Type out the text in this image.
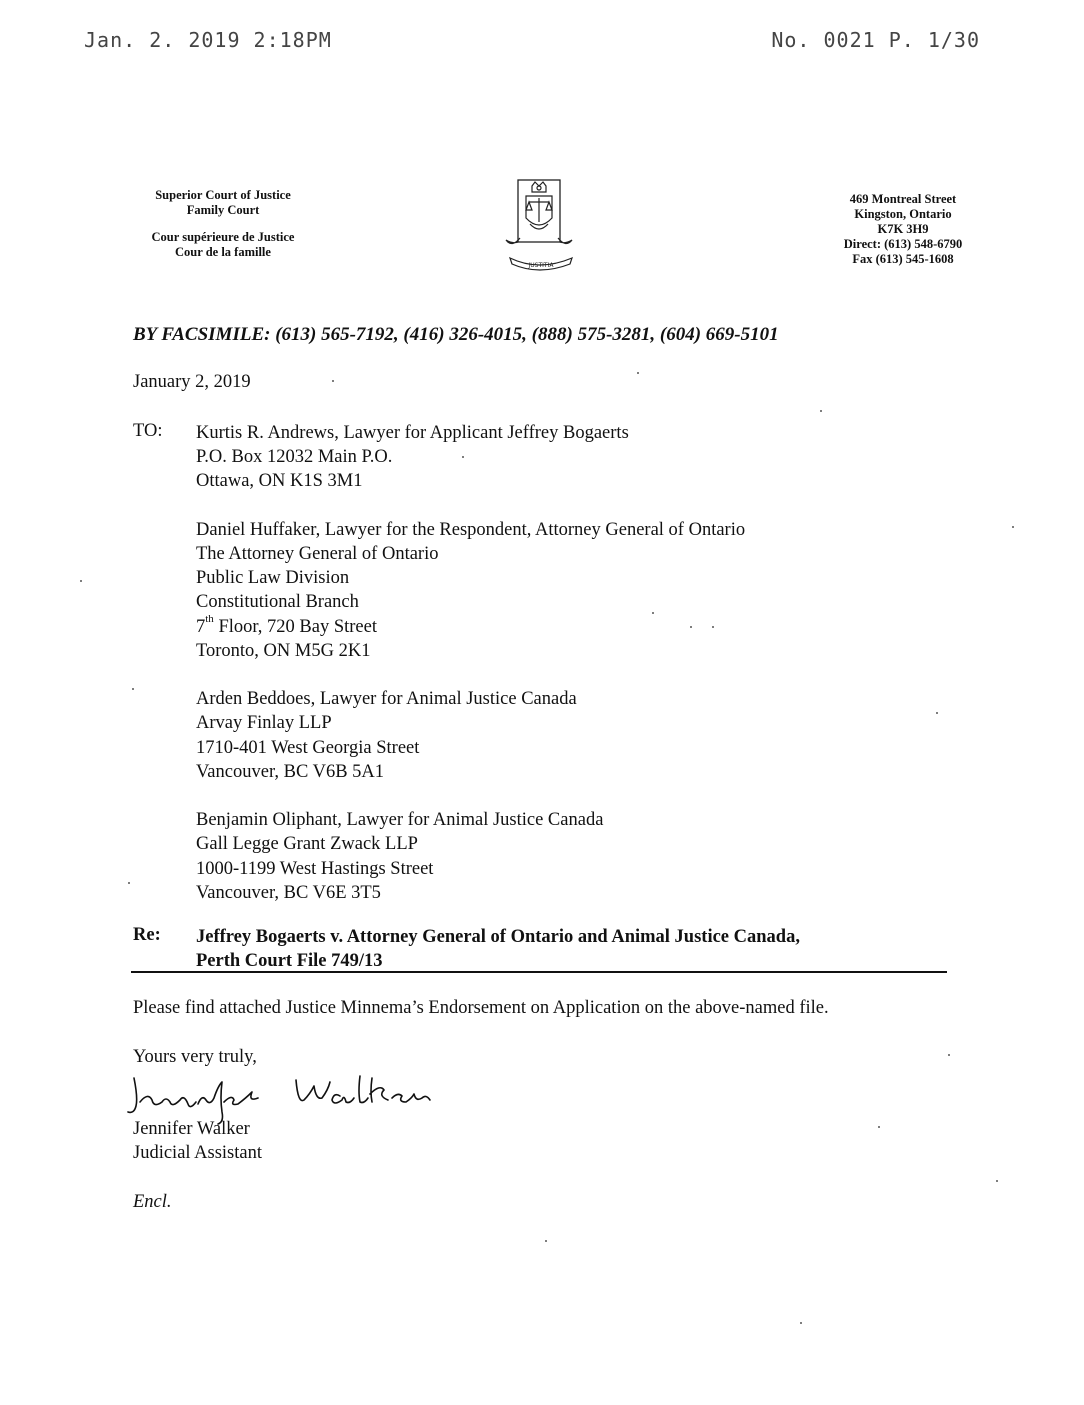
Jan. 2. 2019 2:18PM	No. 0021 P. 1/30
Superior Court of Justice
Family Court
Cour supérieure de Justice
Cour de la famille
JUSTITIA
469 Montreal Street
Kingston, Ontario
K7K 3H9
Direct: (613) 548-6790
Fax (613) 545-1608
BY FACSIMILE: (613) 565-7192, (416) 326-4015, (888) 575-3281, (604) 669-5101
January 2, 2019
TO: Kurtis R. Andrews, Lawyer for Applicant Jeffrey Bogaerts
P.O. Box 12032 Main P.O.
Ottawa, ON K1S 3M1
Daniel Huffaker, Lawyer for the Respondent, Attorney General of Ontario
The Attorney General of Ontario
Public Law Division
Constitutional Branch
7th Floor, 720 Bay Street
Toronto, ON M5G 2K1
Arden Beddoes, Lawyer for Animal Justice Canada
Arvay Finlay LLP
1710-401 West Georgia Street
Vancouver, BC V6B 5A1
Benjamin Oliphant, Lawyer for Animal Justice Canada
Gall Legge Grant Zwack LLP
1000-1199 West Hastings Street
Vancouver, BC V6E 3T5
Re: Jeffrey Bogaerts v. Attorney General of Ontario and Animal Justice Canada,
Perth Court File 749/13
Please find attached Justice Minnema’s Endorsement on Application on the above-named file.
Yours very truly,
Jennifer Walker
Judicial Assistant
Encl.
